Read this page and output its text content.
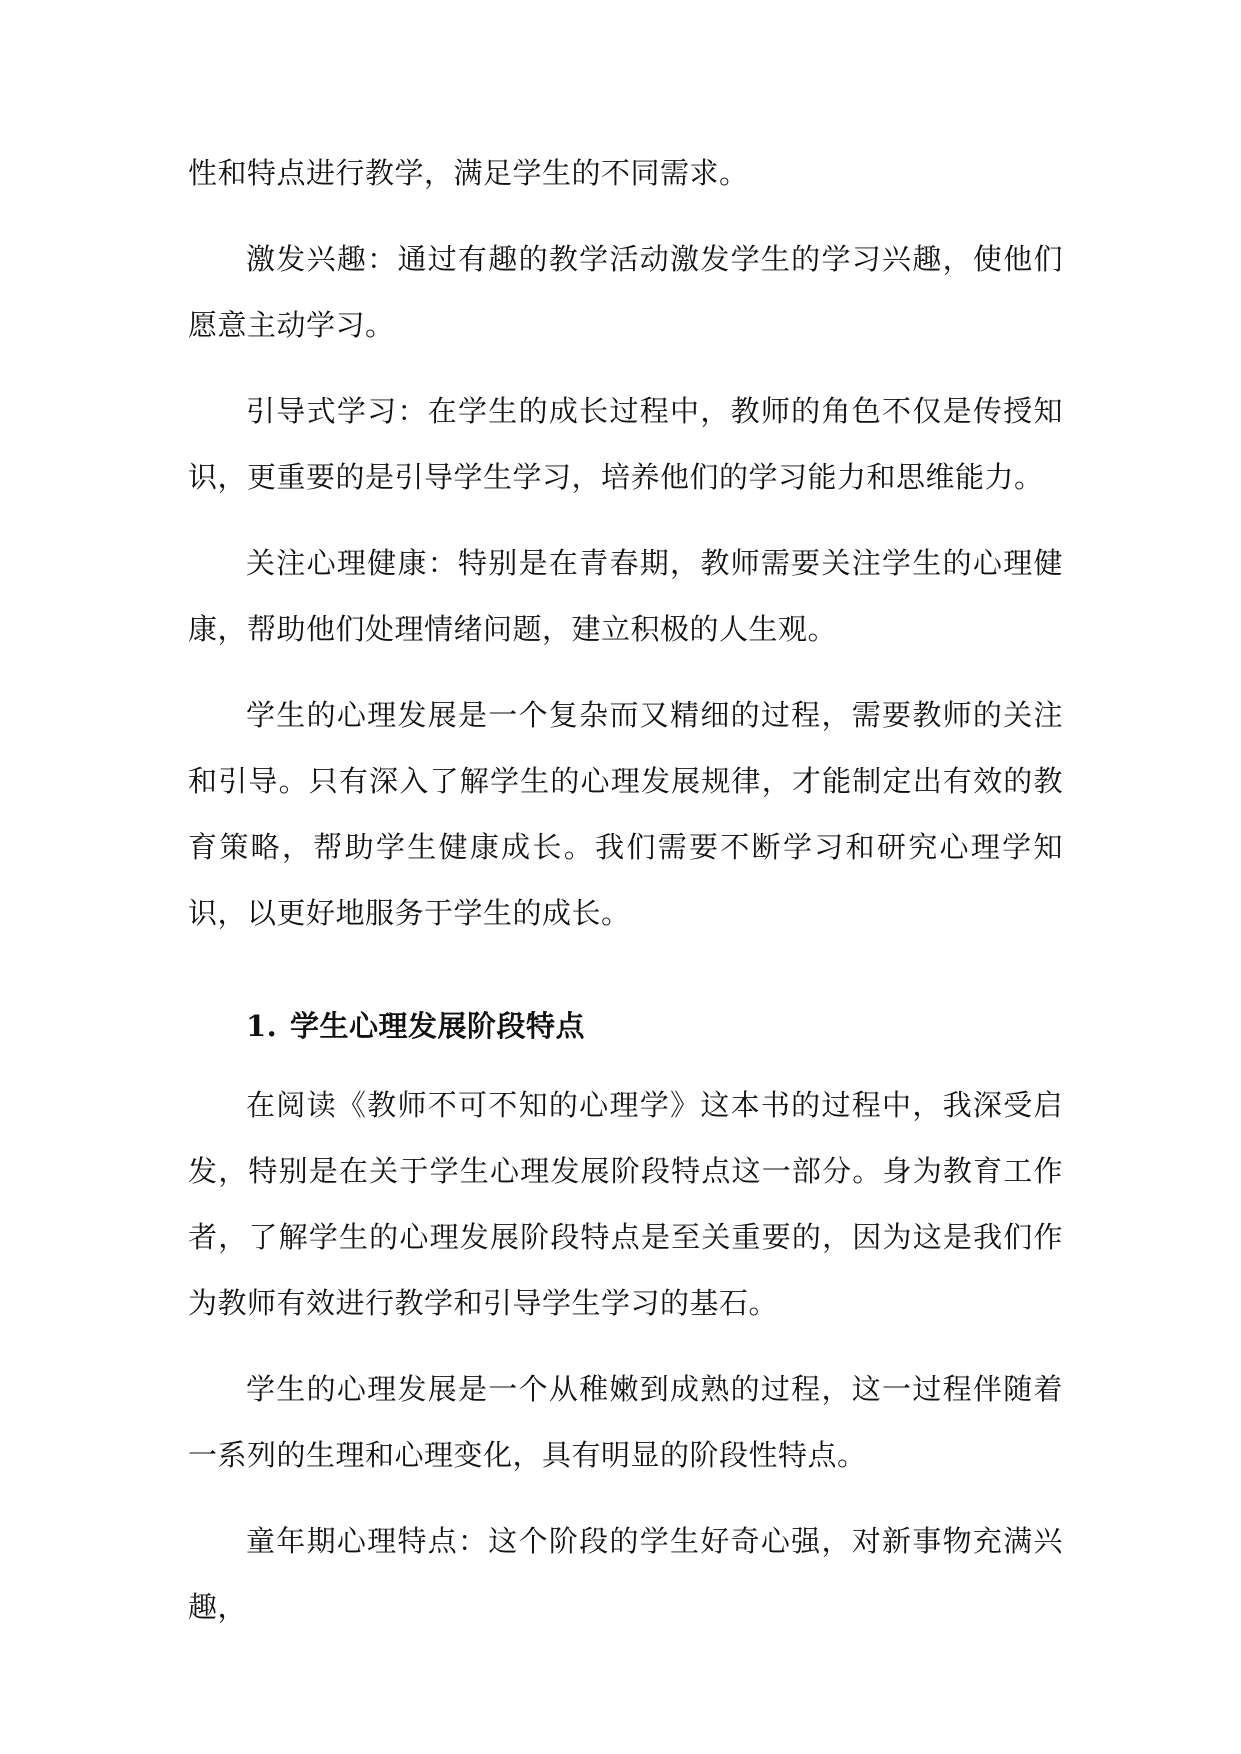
性和特点进行教学，满足学生的不同需求。

激发兴趣：通过有趣的教学活动激发学生的学习兴趣，使他们愿意主动学习。

引导式学习：在学生的成长过程中，教师的角色不仅是传授知识，更重要的是引导学生学习，培养他们的学习能力和思维能力。

关注心理健康：特别是在青春期，教师需要关注学生的心理健康，帮助他们处理情绪问题，建立积极的人生观。

学生的心理发展是一个复杂而又精细的过程，需要教师的关注和引导。只有深入了解学生的心理发展规律，才能制定出有效的教育策略，帮助学生健康成长。我们需要不断学习和研究心理学知识，以更好地服务于学生的成长。

1. 学生心理发展阶段特点

在阅读《教师不可不知的心理学》这本书的过程中，我深受启发，特别是在关于学生心理发展阶段特点这一部分。身为教育工作者，了解学生的心理发展阶段特点是至关重要的，因为这是我们作为教师有效进行教学和引导学生学习的基石。

学生的心理发展是一个从稚嫩到成熟的过程，这一过程伴随着一系列的生理和心理变化，具有明显的阶段性特点。

童年期心理特点：这个阶段的学生好奇心强，对新事物充满兴趣，
